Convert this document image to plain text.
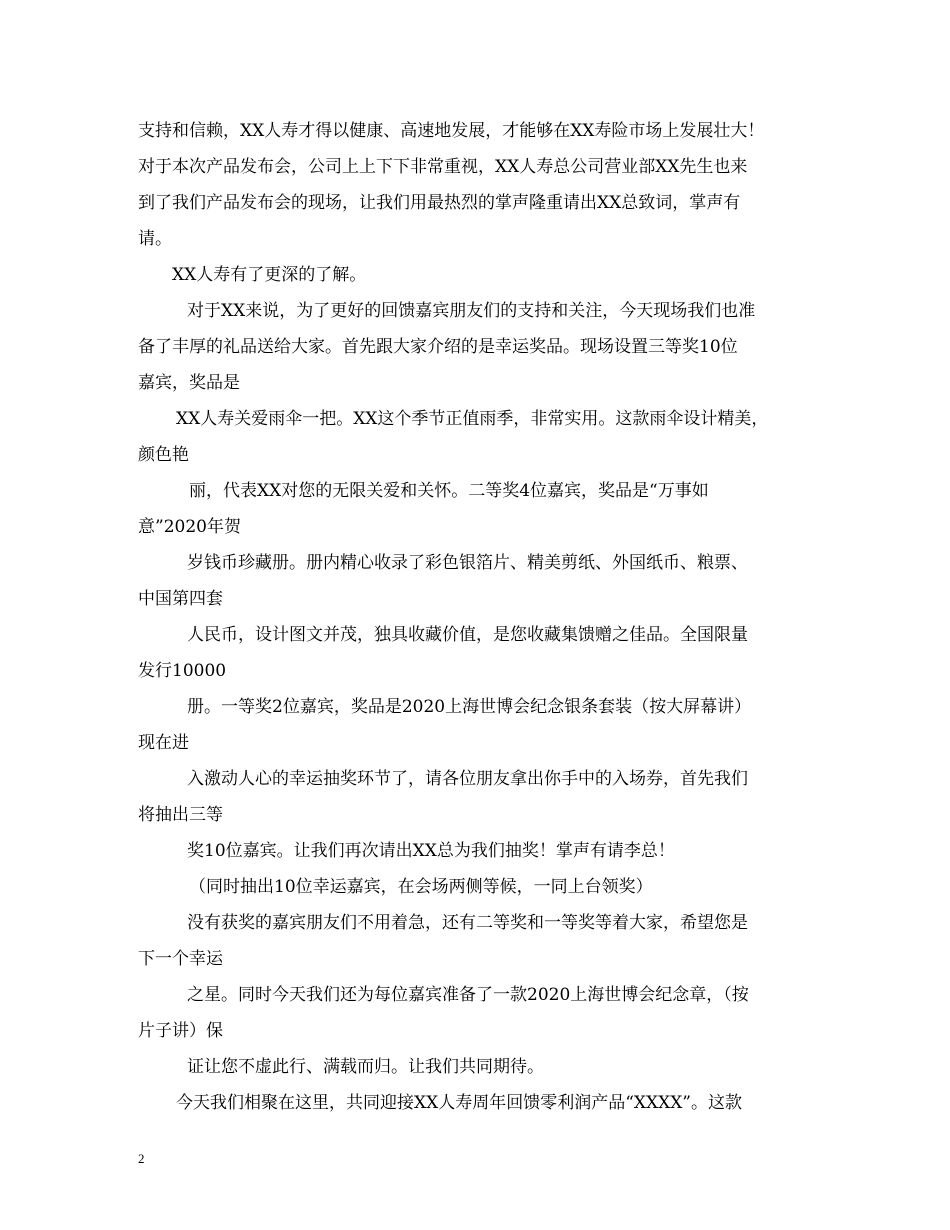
支持和信赖，XX人寿才得以健康、高速地发展，才能够在XX寿险市场上发展壮大！
对于本次产品发布会，公司上上下下非常重视，XX人寿总公司营业部XX先生也来
到了我们产品发布会的现场，让我们用最热烈的掌声隆重请出XX总致词，掌声有
请。
XX人寿有了更深的了解。
对于XX来说，为了更好的回馈嘉宾朋友们的支持和关注，今天现场我们也准
备了丰厚的礼品送给大家。首先跟大家介绍的是幸运奖品。现场设置三等奖10位
嘉宾，奖品是
XX人寿关爱雨伞一把。XX这个季节正值雨季，非常实用。这款雨伞设计精美，
颜色艳
丽，代表XX对您的无限关爱和关怀。二等奖4位嘉宾，奖品是“万事如
意”2020年贺
岁钱币珍藏册。册内精心收录了彩色银箔片、精美剪纸、外国纸币、粮票、
中国第四套
人民币，设计图文并茂，独具收藏价值，是您收藏集馈赠之佳品。全国限量
发行10000
册。一等奖2位嘉宾，奖品是2020上海世博会纪念银条套装（按大屏幕讲）
现在进
入激动人心的幸运抽奖环节了，请各位朋友拿出你手中的入场券，首先我们
将抽出三等
奖10位嘉宾。让我们再次请出XX总为我们抽奖！掌声有请李总！
（同时抽出10位幸运嘉宾，在会场两侧等候，一同上台领奖）
没有获奖的嘉宾朋友们不用着急，还有二等奖和一等奖等着大家，希望您是
下一个幸运
之星。同时今天我们还为每位嘉宾准备了一款2020上海世博会纪念章，（按
片子讲）保
证让您不虚此行、满载而归。让我们共同期待。
今天我们相聚在这里，共同迎接XX人寿周年回馈零利润产品“XXXX”。这款
2
